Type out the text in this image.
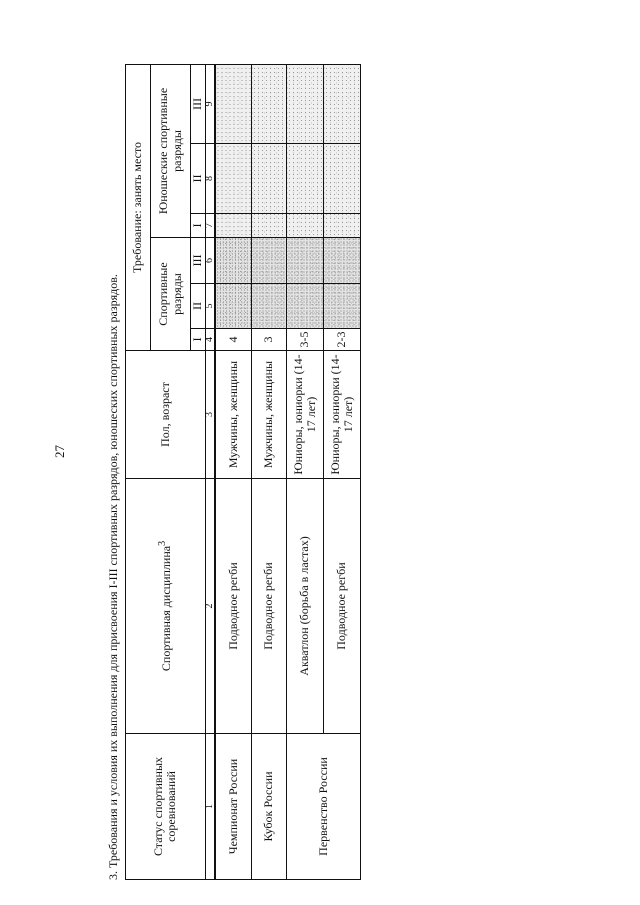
27	3. Требования и условия их выполнения для присвоения I-III спортивных разрядов, юношеских спортивных разрядов.	Статус спортивных соревнований	Спортивная дисциплина$^3$	Пол, возраст	Требование: занять место					
			Спортивные разряды			Юношеские спортивные разряды		
			I	II	III	I	II	III
1	2	3	4	5	6	7	8	9
Чемпионат России	Подводное регби	Мужчины, женщины	4					
Кубок России	Подводное регби	Мужчины, женщины	3					
Первенство России	Акватлон (борьба в ластах)	Юниоры, юниорки (14-17 лет)	3-5					
	Подводное регби	Юниоры, юниорки (14-17 лет)	2-3					
